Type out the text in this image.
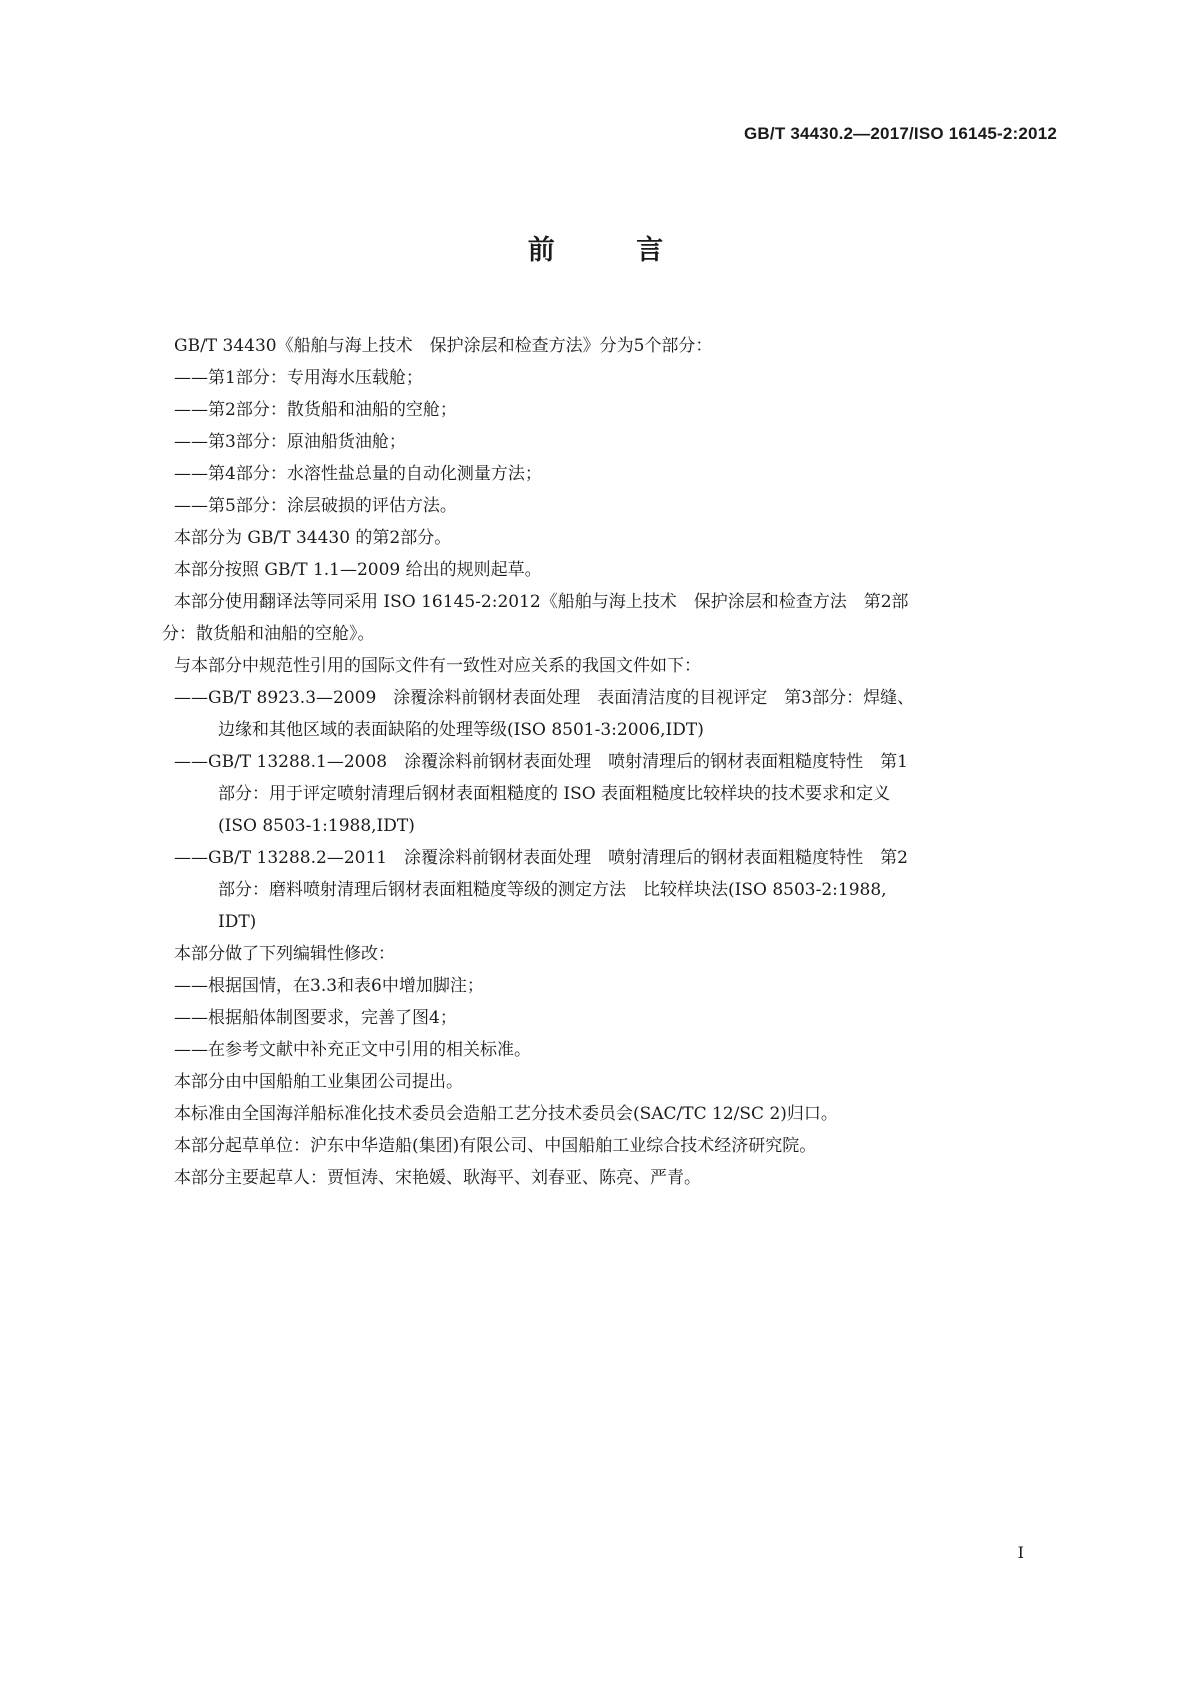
GB/T 34430.2—2017/ISO 16145-2:2012
前 言

GB/T 34430《船舶与海上技术　保护涂层和检查方法》分为5个部分：

——第1部分：专用海水压载舱；

——第2部分：散货船和油船的空舱；

——第3部分：原油船货油舱；

——第4部分：水溶性盐总量的自动化测量方法；

——第5部分：涂层破损的评估方法。

本部分为 GB/T 34430 的第2部分。

本部分按照 GB/T 1.1—2009 给出的规则起草。

本部分使用翻译法等同采用 ISO 16145-2:2012《船舶与海上技术　保护涂层和检查方法　第2部

分：散货船和油船的空舱》。

与本部分中规范性引用的国际文件有一致性对应关系的我国文件如下：

——GB/T 8923.3—2009　涂覆涂料前钢材表面处理　表面清洁度的目视评定　第3部分：焊缝、

边缘和其他区域的表面缺陷的处理等级(ISO 8501-3:2006,IDT)

——GB/T 13288.1—2008　涂覆涂料前钢材表面处理　喷射清理后的钢材表面粗糙度特性　第1

部分：用于评定喷射清理后钢材表面粗糙度的 ISO 表面粗糙度比较样块的技术要求和定义

(ISO 8503-1:1988,IDT)

——GB/T 13288.2—2011　涂覆涂料前钢材表面处理　喷射清理后的钢材表面粗糙度特性　第2

部分：磨料喷射清理后钢材表面粗糙度等级的测定方法　比较样块法(ISO 8503-2:1988,

IDT)

本部分做了下列编辑性修改：

——根据国情，在3.3和表6中增加脚注；

——根据船体制图要求，完善了图4；

——在参考文献中补充正文中引用的相关标准。

本部分由中国船舶工业集团公司提出。

本标准由全国海洋船标准化技术委员会造船工艺分技术委员会(SAC/TC 12/SC 2)归口。

本部分起草单位：沪东中华造船(集团)有限公司、中国船舶工业综合技术经济研究院。

本部分主要起草人：贾恒涛、宋艳媛、耿海平、刘春亚、陈亮、严青。

I
